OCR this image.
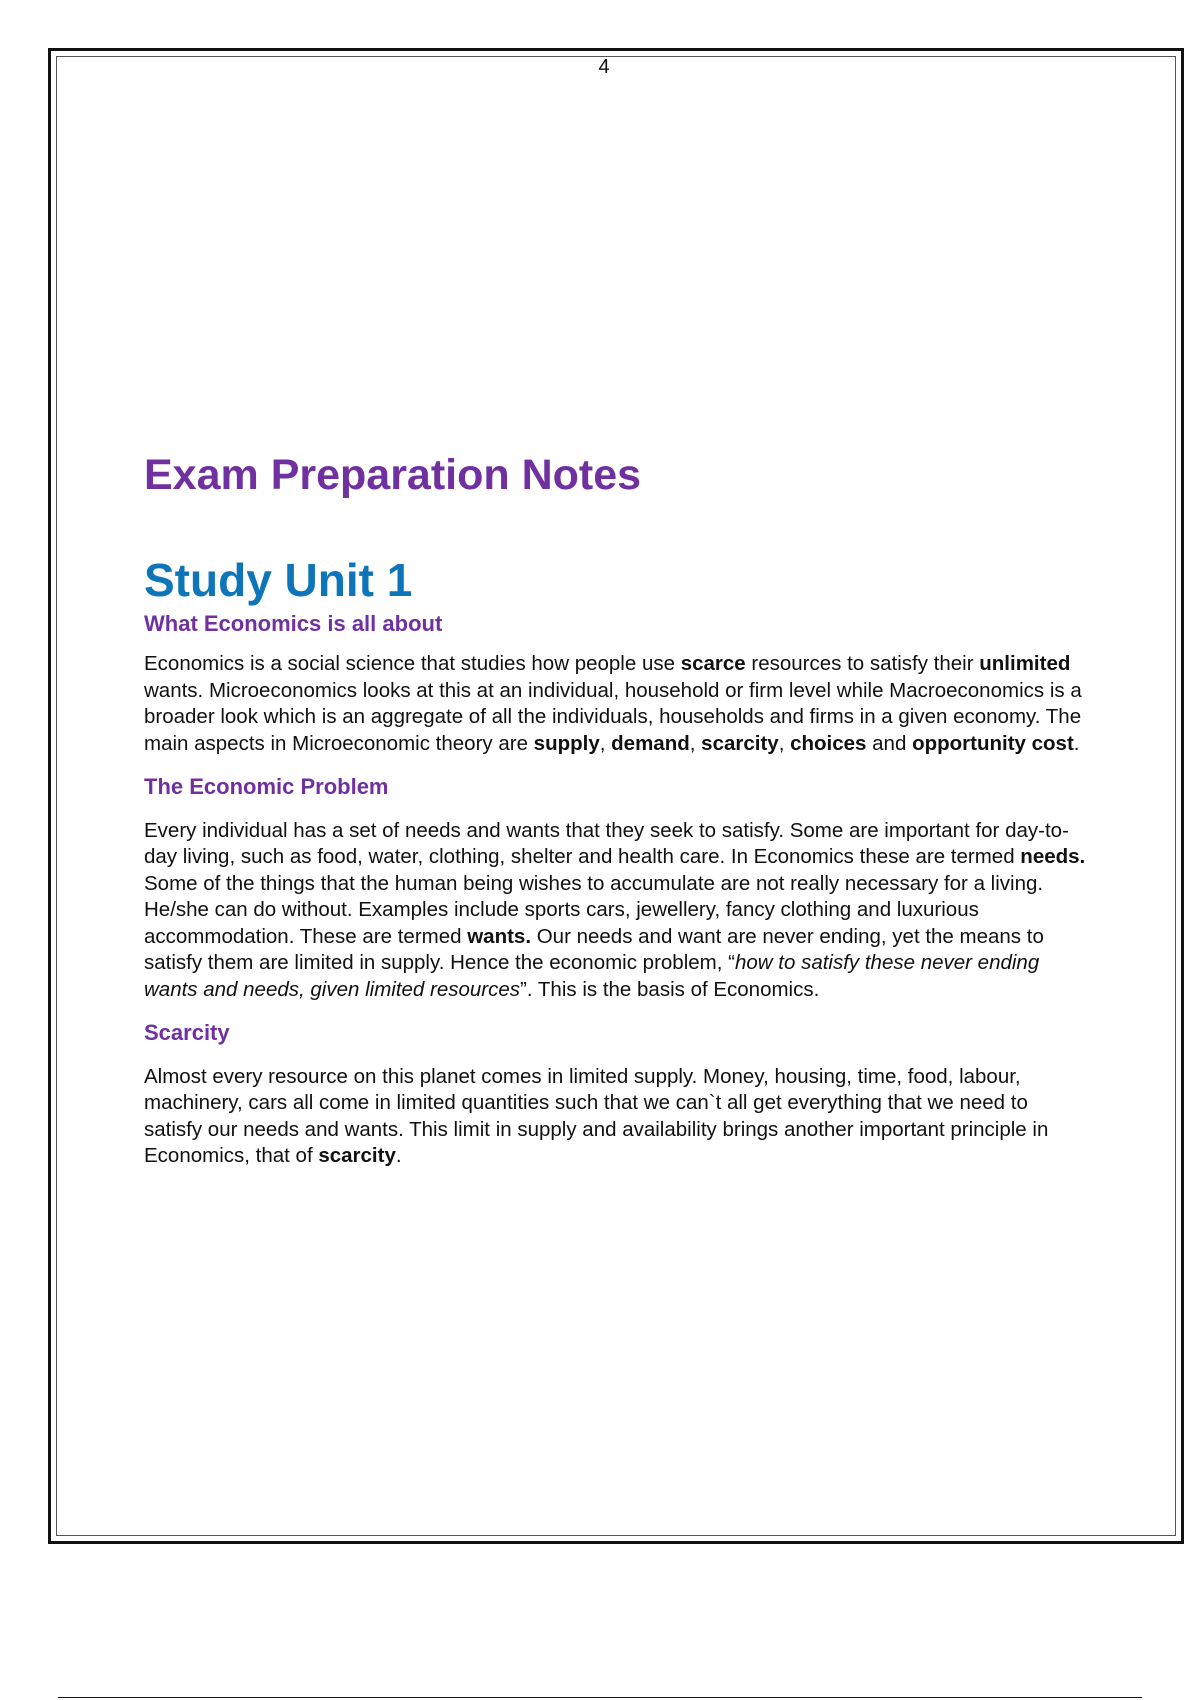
4
Exam Preparation Notes
Study Unit 1
What Economics is all about

Economics is a social science that studies how people use scarce resources to satisfy their unlimited wants. Microeconomics looks at this at an individual, household or firm level while Macroeconomics is a broader look which is an aggregate of all the individuals, households and firms in a given economy. The main aspects in Microeconomic theory are supply, demand, scarcity, choices and opportunity cost.

The Economic Problem

Every individual has a set of needs and wants that they seek to satisfy. Some are important for day-to-day living, such as food, water, clothing, shelter and health care. In Economics these are termed needs. Some of the things that the human being wishes to accumulate are not really necessary for a living. He/she can do without. Examples include sports cars, jewellery, fancy clothing and luxurious accommodation. These are termed wants. Our needs and want are never ending, yet the means to satisfy them are limited in supply. Hence the economic problem, “how to satisfy these never ending wants and needs, given limited resources”. This is the basis of Economics.

Scarcity

Almost every resource on this planet comes in limited supply. Money, housing, time, food, labour, machinery, cars all come in limited quantities such that we can`t all get everything that we need to satisfy our needs and wants. This limit in supply and availability brings another important principle in Economics, that of scarcity.
